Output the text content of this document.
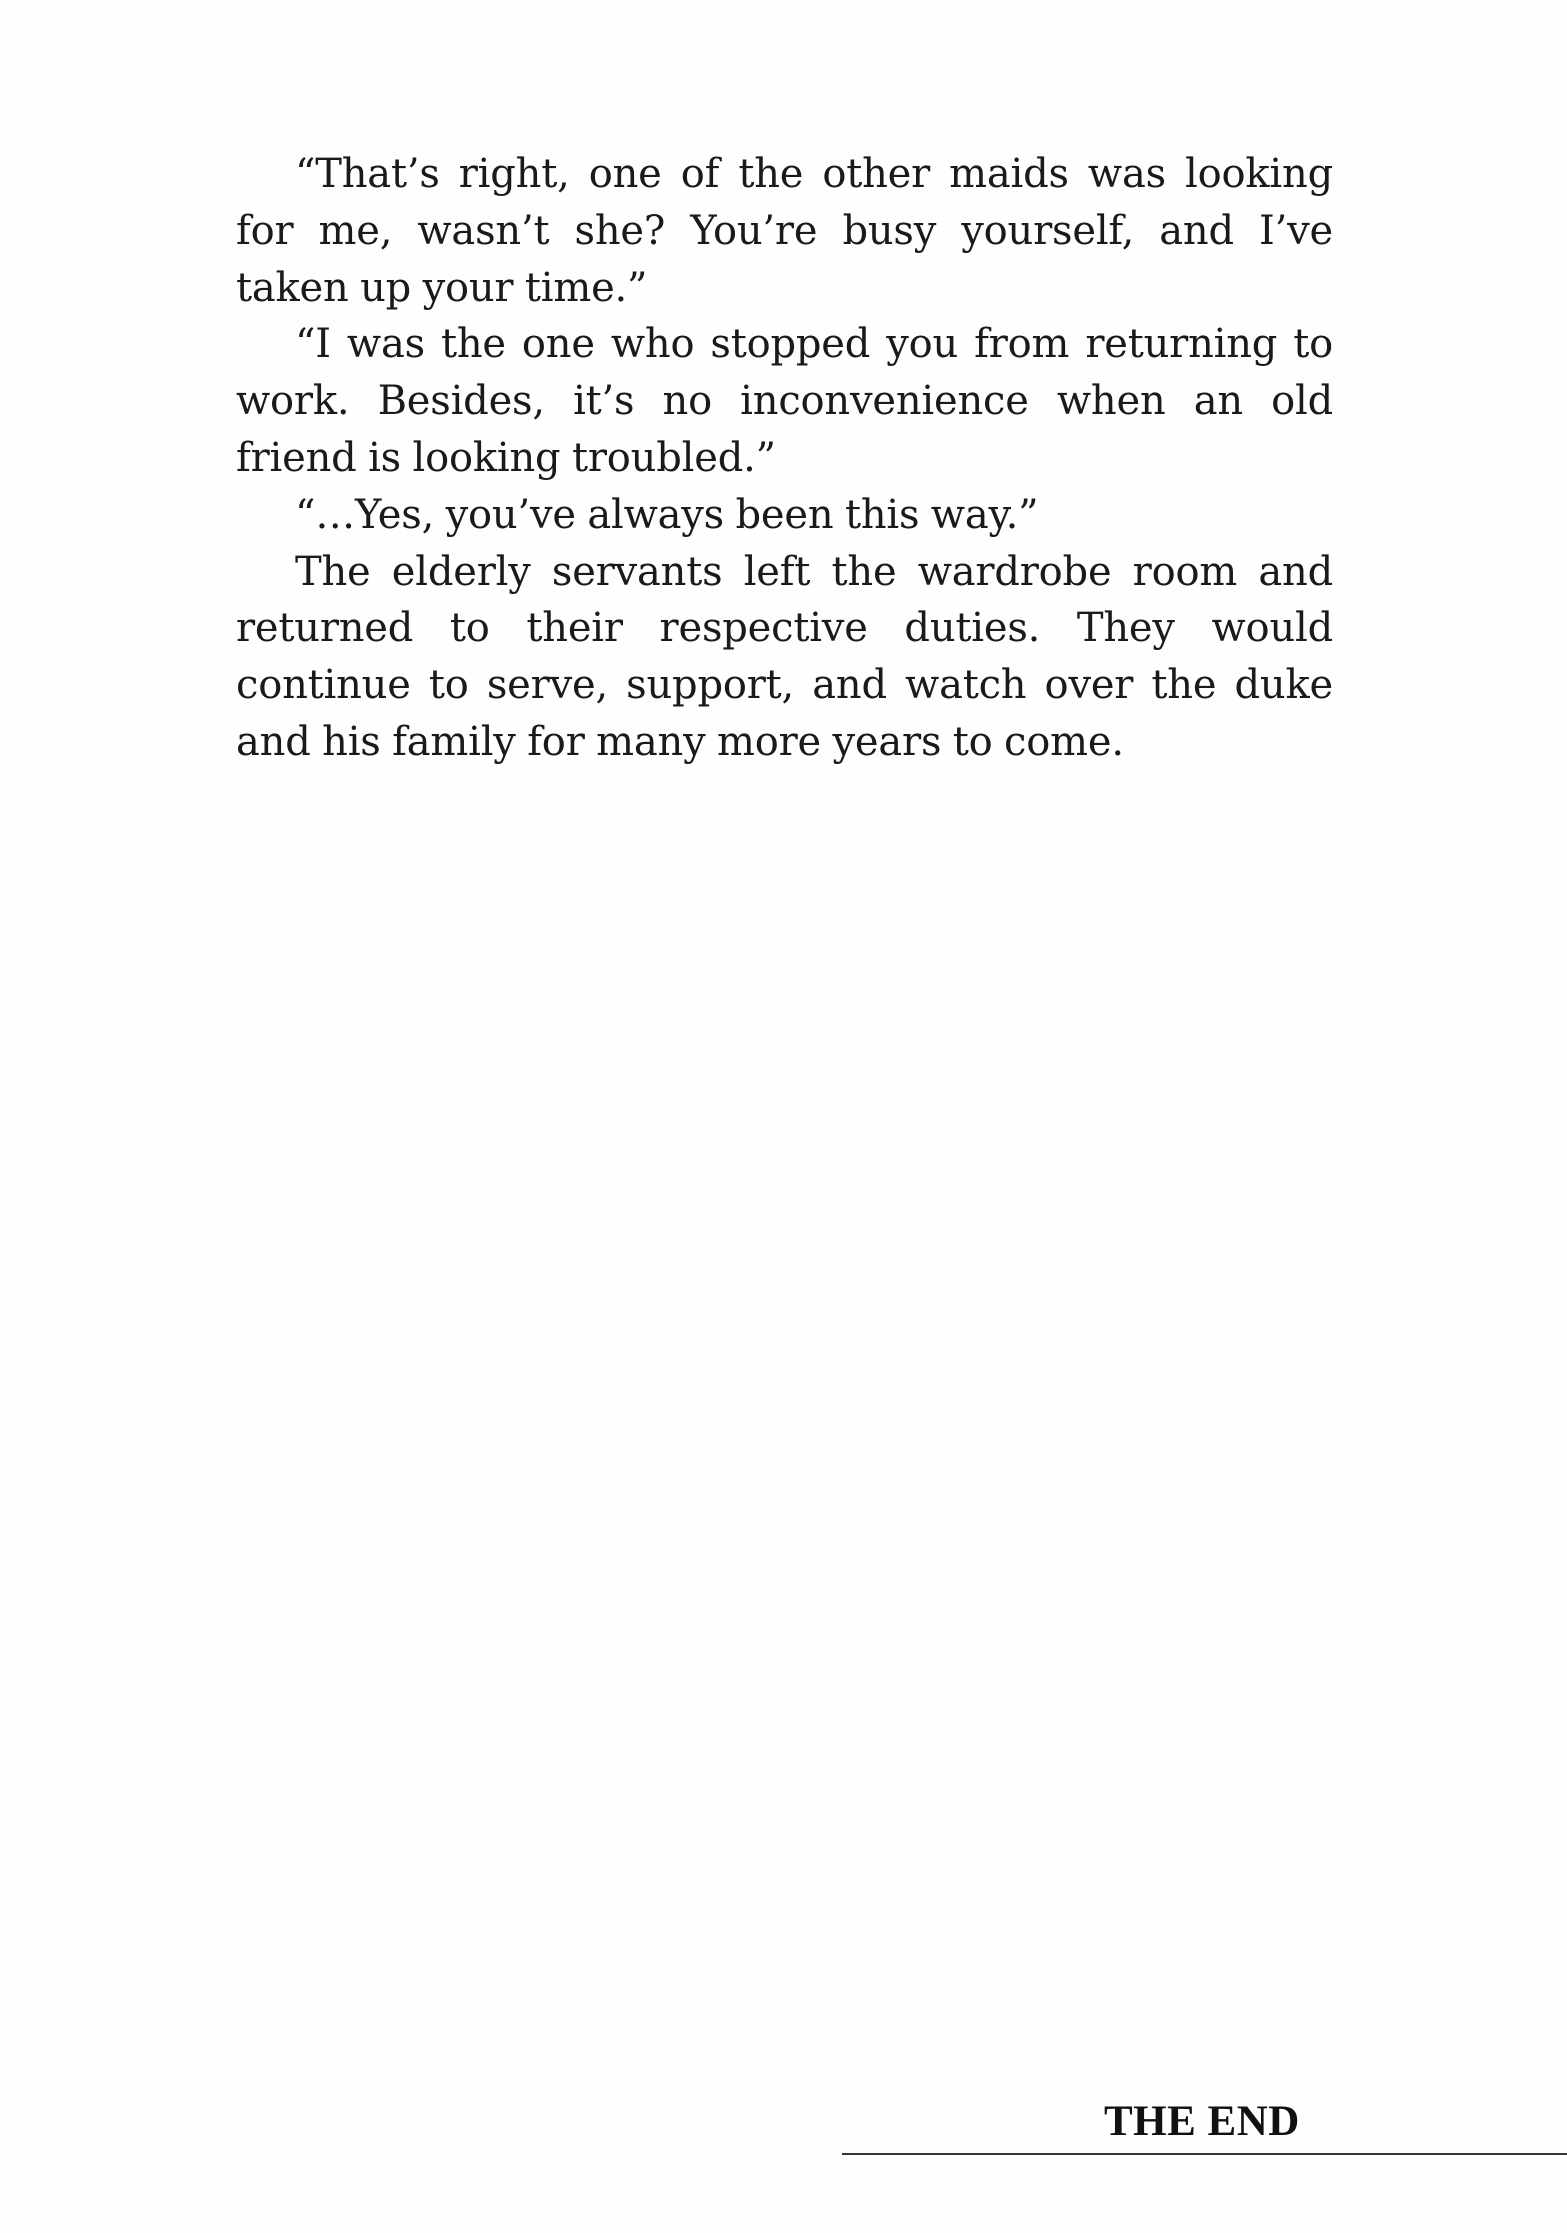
“That’s right, one of the other maids was looking for me, wasn’t she? You’re busy yourself, and I’ve taken up your time.”

“I was the one who stopped you from returning to work. Besides, it’s no inconvenience when an old friend is looking troubled.”

“…Yes, you’ve always been this way.”

The elderly servants left the wardrobe room and returned to their respective duties. They would continue to serve, support, and watch over the duke and his family for many more years to come.

THE END
